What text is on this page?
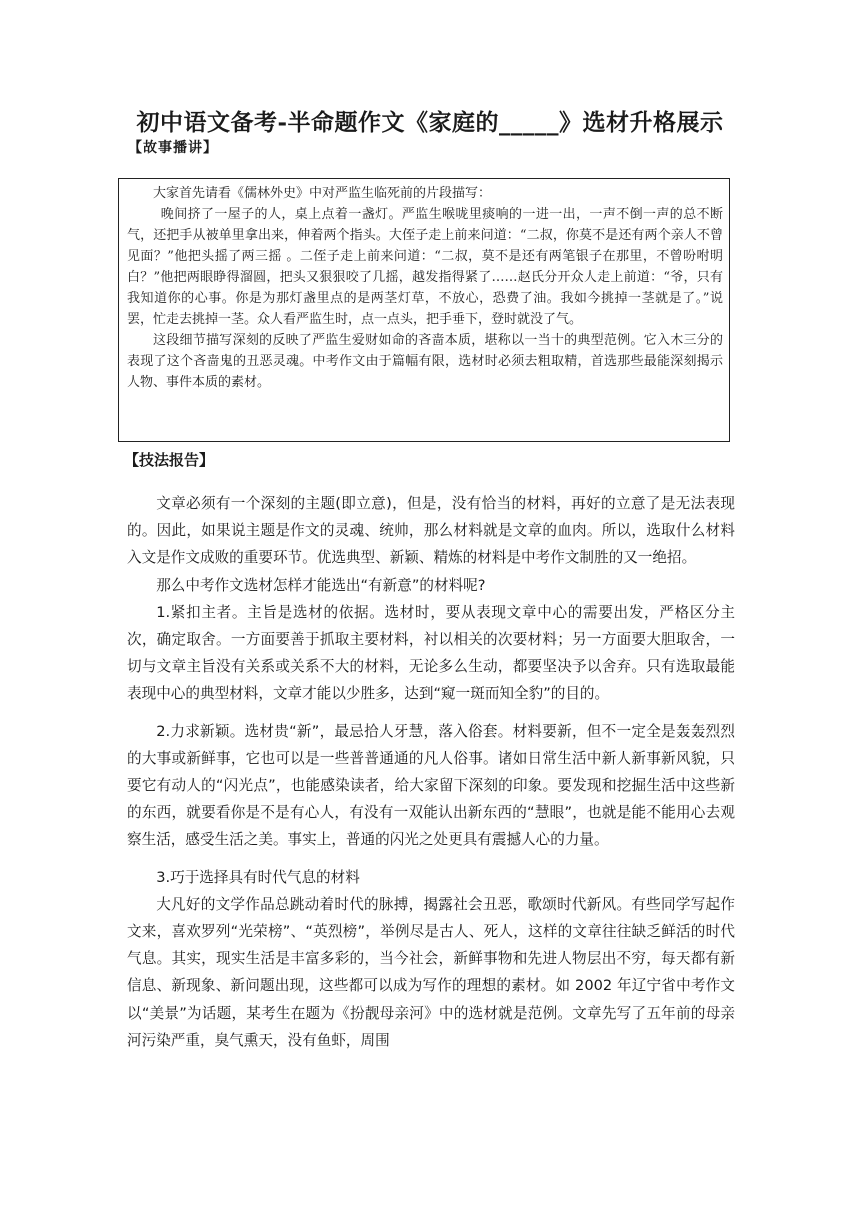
初中语文备考-半命题作文《家庭的_____》选材升格展示
【故事播讲】

大家首先请看《儒林外史》中对严监生临死前的片段描写：

晚间挤了一屋子的人，桌上点着一盏灯。严监生喉咙里痰响的一进一出，一声不倒一声的总不断气，还把手从被单里拿出来，伸着两个指头。大侄子走上前来问道：“二叔，你莫不是还有两个亲人不曾见面？”他把头摇了两三摇 。二侄子走上前来问道：“二叔，莫不是还有两笔银子在那里，不曾吩咐明白？”他把两眼睁得溜圆，把头又狠狠咬了几摇，越发指得紧了……赵氏分开众人走上前道：“爷，只有我知道你的心事。你是为那灯盏里点的是两茎灯草，不放心，恐费了油。我如今挑掉一茎就是了。”说罢，忙走去挑掉一茎。众人看严监生时，点一点头，把手垂下，登时就没了气。

这段细节描写深刻的反映了严监生爱财如命的吝啬本质，堪称以一当十的典型范例。它入木三分的表现了这个吝啬鬼的丑恶灵魂。中考作文由于篇幅有限，选材时必须去粗取精，首选那些最能深刻揭示人物、事件本质的素材。

【技法报告】

文章必须有一个深刻的主题(即立意)，但是，没有恰当的材料，再好的立意了是无法表现的。因此，如果说主题是作文的灵魂、统帅，那么材料就是文章的血肉。所以，选取什么材料入文是作文成败的重要环节。优选典型、新颖、精炼的材料是中考作文制胜的又一绝招。

那么中考作文选材怎样才能选出“有新意”的材料呢?

1.紧扣主者。主旨是选材的依据。选材时，要从表现文章中心的需要出发，严格区分主次，确定取舍。一方面要善于抓取主要材料，衬以相关的次要材料；另一方面要大胆取舍，一切与文章主旨没有关系或关系不大的材料，无论多么生动，都要坚决予以舍弃。只有选取最能表现中心的典型材料，文章才能以少胜多，达到“窥一斑而知全豹”的目的。

2.力求新颖。选材贵“新”，最忌拾人牙慧，落入俗套。材料要新，但不一定全是轰轰烈烈的大事或新鲜事，它也可以是一些普普通通的凡人俗事。诸如日常生活中新人新事新风貌，只要它有动人的“闪光点”，也能感染读者，给大家留下深刻的印象。要发现和挖掘生活中这些新的东西，就要看你是不是有心人，有没有一双能认出新东西的“慧眼”，也就是能不能用心去观察生活，感受生活之美。事实上，普通的闪光之处更具有震撼人心的力量。

3.巧于选择具有时代气息的材料

大凡好的文学作品总跳动着时代的脉搏，揭露社会丑恶，歌颂时代新风。有些同学写起作文来，喜欢罗列“光荣榜”、“英烈榜”，举例尽是古人、死人，这样的文章往往缺乏鲜活的时代气息。其实，现实生活是丰富多彩的，当今社会，新鲜事物和先进人物层出不穷，每天都有新信息、新现象、新问题出现，这些都可以成为写作的理想的素材。如 2002 年辽宁省中考作文以“美景”为话题，某考生在题为《扮靓母亲河》中的选材就是范例。文章先写了五年前的母亲河污染严重，臭气熏天，没有鱼虾，周围
